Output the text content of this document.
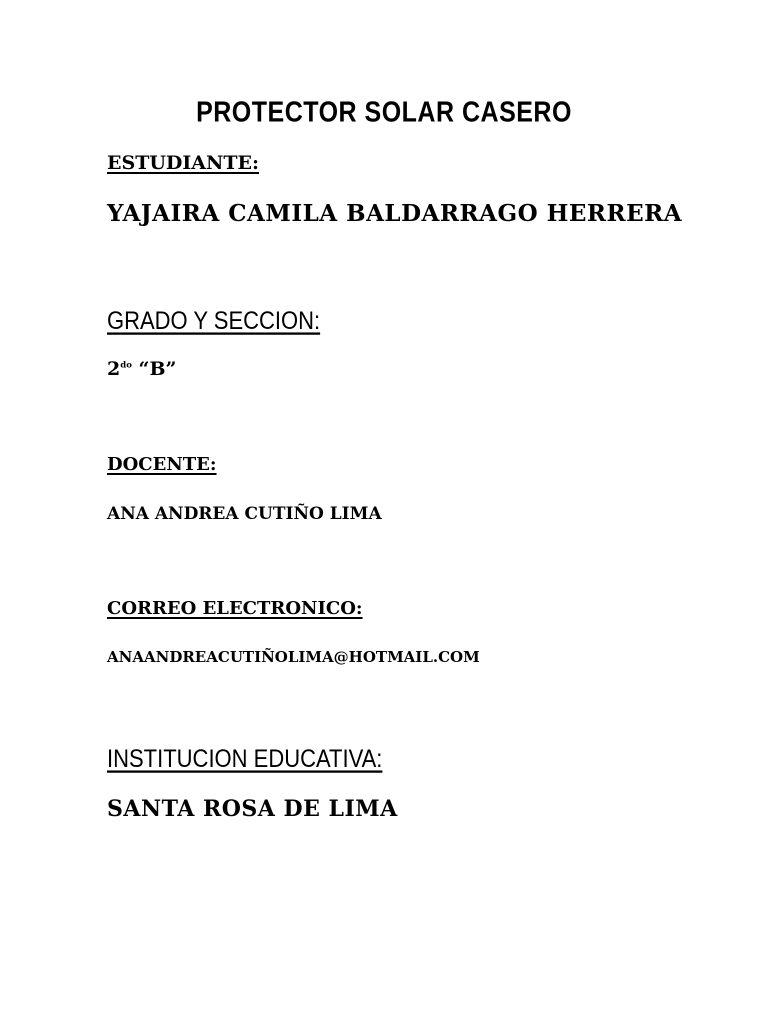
PROTECTOR SOLAR CASERO
ESTUDIANTE:
YAJAIRA CAMILA BALDARRAGO HERRERA
GRADO Y SECCION:
$2^{do}$ “B”
DOCENTE:
ANA ANDREA CUTIÑO LIMA
CORREO ELECTRONICO:
ANAANDREACUTIÑOLIMA@HOTMAIL.COM
INSTITUCION EDUCATIVA:
SANTA ROSA DE LIMA
